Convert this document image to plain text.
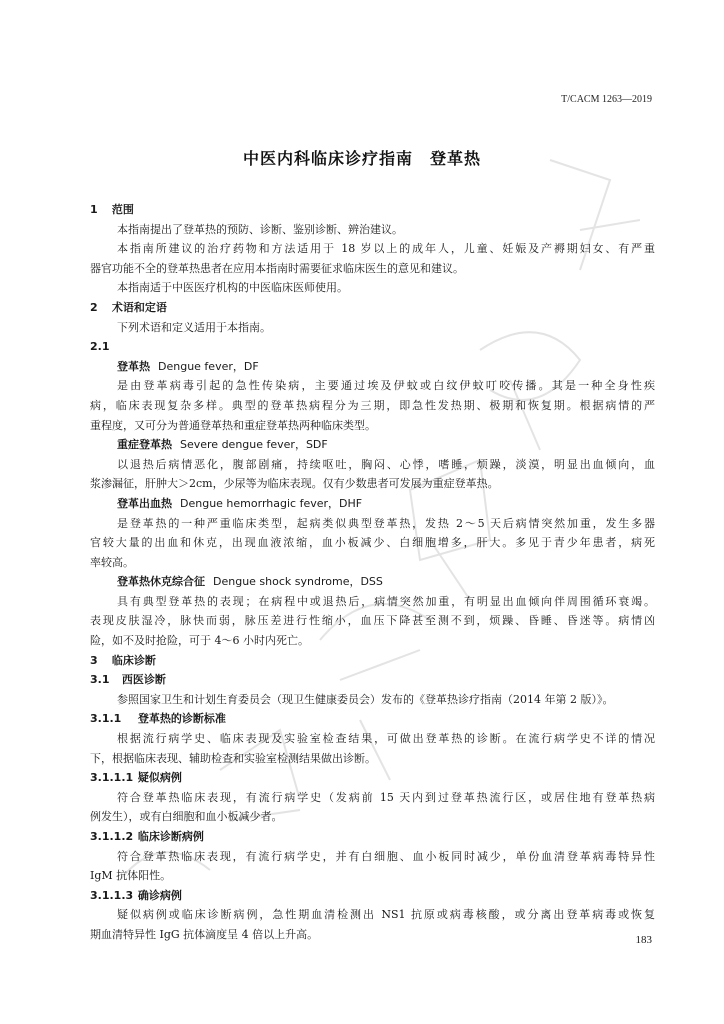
T/CACM 1263—2019
中医内科临床诊疗指南　登革热
1 范围
本指南提出了登革热的预防、诊断、鉴别诊断、辨治建议。
本指南所建议的治疗药物和方法适用于 18 岁以上的成年人，儿童、妊娠及产褥期妇女、有严重
器官功能不全的登革热患者在应用本指南时需要征求临床医生的意见和建议。
本指南适于中医医疗机构的中医临床医师使用。
2 术语和定语
下列术语和定义适用于本指南。
2.1
登革热 Dengue fever，DF
是由登革病毒引起的急性传染病，主要通过埃及伊蚊或白纹伊蚊叮咬传播。其是一种全身性疾
病，临床表现复杂多样。典型的登革热病程分为三期，即急性发热期、极期和恢复期。根据病情的严
重程度，又可分为普通登革热和重症登革热两种临床类型。
重症登革热 Severe dengue fever，SDF
以退热后病情恶化，腹部剧痛，持续呕吐，胸闷、心悸，嗜睡，烦躁，淡漠，明显出血倾向，血
浆渗漏征，肝肿大＞2cm，少尿等为临床表现。仅有少数患者可发展为重症登革热。
登革出血热 Dengue hemorrhagic fever，DHF
是登革热的一种严重临床类型，起病类似典型登革热，发热 2～5 天后病情突然加重，发生多器
官较大量的出血和休克，出现血液浓缩，血小板减少、白细胞增多，肝大。多见于青少年患者，病死
率较高。
登革热休克综合征 Dengue shock syndrome，DSS
具有典型登革热的表现；在病程中或退热后，病情突然加重，有明显出血倾向伴周围循环衰竭。
表现皮肤湿冷，脉快而弱，脉压差进行性缩小，血压下降甚至测不到，烦躁、昏睡、昏迷等。病情凶
险，如不及时抢险，可于 4～6 小时内死亡。
3 临床诊断
3.1 西医诊断
参照国家卫生和计划生育委员会（现卫生健康委员会）发布的《登革热诊疗指南（2014 年第 2 版）》。
3.1.1 登革热的诊断标准
根据流行病学史、临床表现及实验室检查结果，可做出登革热的诊断。在流行病学史不详的情况
下，根据临床表现、辅助检查和实验室检测结果做出诊断。
3.1.1.1 疑似病例
符合登革热临床表现，有流行病学史（发病前 15 天内到过登革热流行区，或居住地有登革热病
例发生），或有白细胞和血小板减少者。
3.1.1.2 临床诊断病例
符合登革热临床表现，有流行病学史，并有白细胞、血小板同时减少，单份血清登革病毒特异性
IgM 抗体阳性。
3.1.1.3 确诊病例
疑似病例或临床诊断病例，急性期血清检测出 NS1 抗原或病毒核酸，或分离出登革病毒或恢复
期血清特异性 IgG 抗体滴度呈 4 倍以上升高。	183
